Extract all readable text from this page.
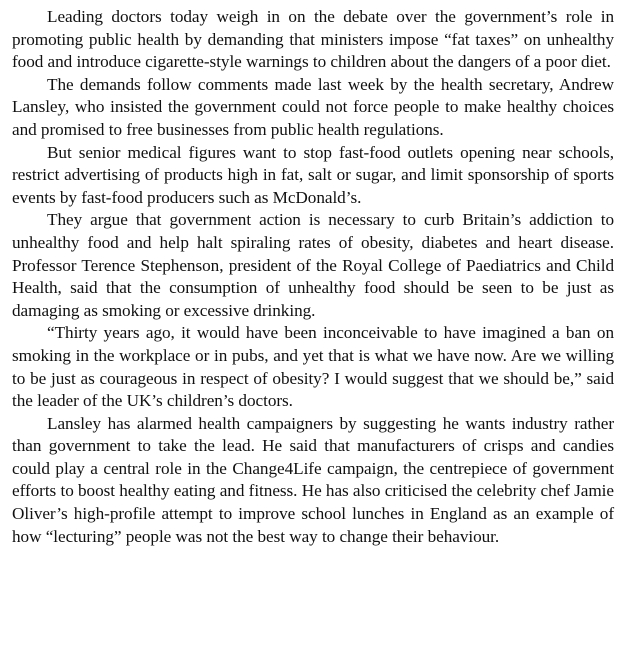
Leading doctors today weigh in on the debate over the government’s role in promoting public health by demanding that ministers impose “fat taxes” on unhealthy food and introduce cigarette-style warnings to children about the dangers of a poor diet.

The demands follow comments made last week by the health secretary, Andrew Lansley, who insisted the government could not force people to make healthy choices and promised to free businesses from public health regulations.

But senior medical figures want to stop fast-food outlets opening near schools, restrict advertising of products high in fat, salt or sugar, and limit sponsorship of sports events by fast-food producers such as McDonald’s.

They argue that government action is necessary to curb Britain’s addiction to unhealthy food and help halt spiraling rates of obesity, diabetes and heart disease. Professor Terence Stephenson, president of the Royal College of Paediatrics and Child Health, said that the consumption of unhealthy food should be seen to be just as damaging as smoking or excessive drinking.

“Thirty years ago, it would have been inconceivable to have imagined a ban on smoking in the workplace or in pubs, and yet that is what we have now. Are we willing to be just as courageous in respect of obesity? I would suggest that we should be,” said the leader of the UK’s children’s doctors.

Lansley has alarmed health campaigners by suggesting he wants industry rather than government to take the lead. He said that manufacturers of crisps and candies could play a central role in the Change4Life campaign, the centrepiece of government efforts to boost healthy eating and fitness. He has also criticised the celebrity chef Jamie Oliver’s high-profile attempt to improve school lunches in England as an example of how “lecturing” people was not the best way to change their behaviour.
